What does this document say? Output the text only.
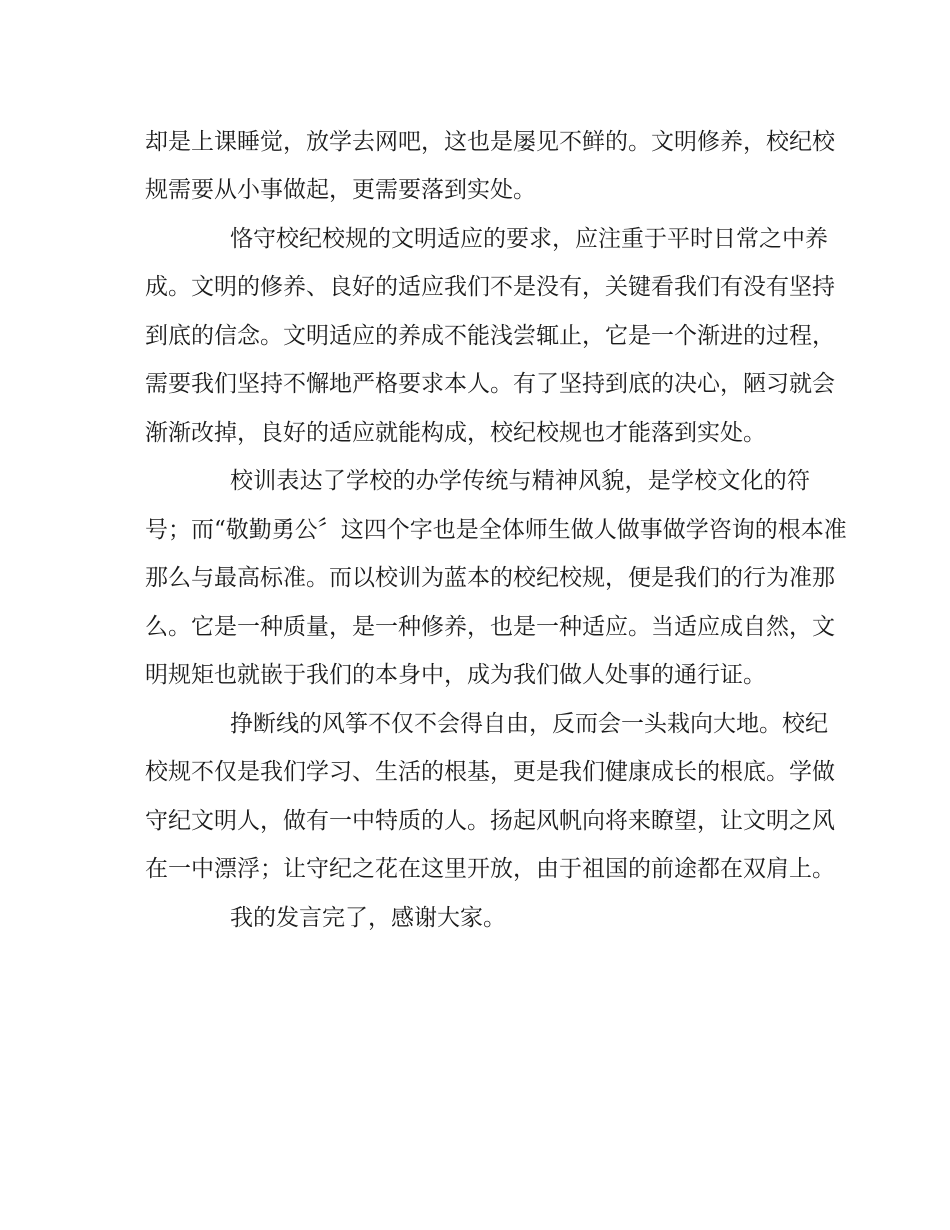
却是上课睡觉，放学去网吧，这也是屡见不鲜的。文明修养，校纪校
规需要从小事做起，更需要落到实处。
恪守校纪校规的文明适应的要求，应注重于平时日常之中养
成。文明的修养、良好的适应我们不是没有，关键看我们有没有坚持
到底的信念。文明适应的养成不能浅尝辄止，它是一个渐进的过程，
需要我们坚持不懈地严格要求本人。有了坚持到底的决心，陋习就会
渐渐改掉，良好的适应就能构成，校纪校规也才能落到实处。
校训表达了学校的办学传统与精神风貌，是学校文化的符
号；而“敬勤勇公〞这四个字也是全体师生做人做事做学咨询的根本准
那么与最高标准。而以校训为蓝本的校纪校规，便是我们的行为准那
么。它是一种质量，是一种修养，也是一种适应。当适应成自然，文
明规矩也就嵌于我们的本身中，成为我们做人处事的通行证。
挣断线的风筝不仅不会得自由，反而会一头栽向大地。校纪
校规不仅是我们学习、生活的根基，更是我们健康成长的根底。学做
守纪文明人，做有一中特质的人。扬起风帆向将来瞭望，让文明之风
在一中漂浮；让守纪之花在这里开放，由于祖国的前途都在双肩上。
我的发言完了，感谢大家。
